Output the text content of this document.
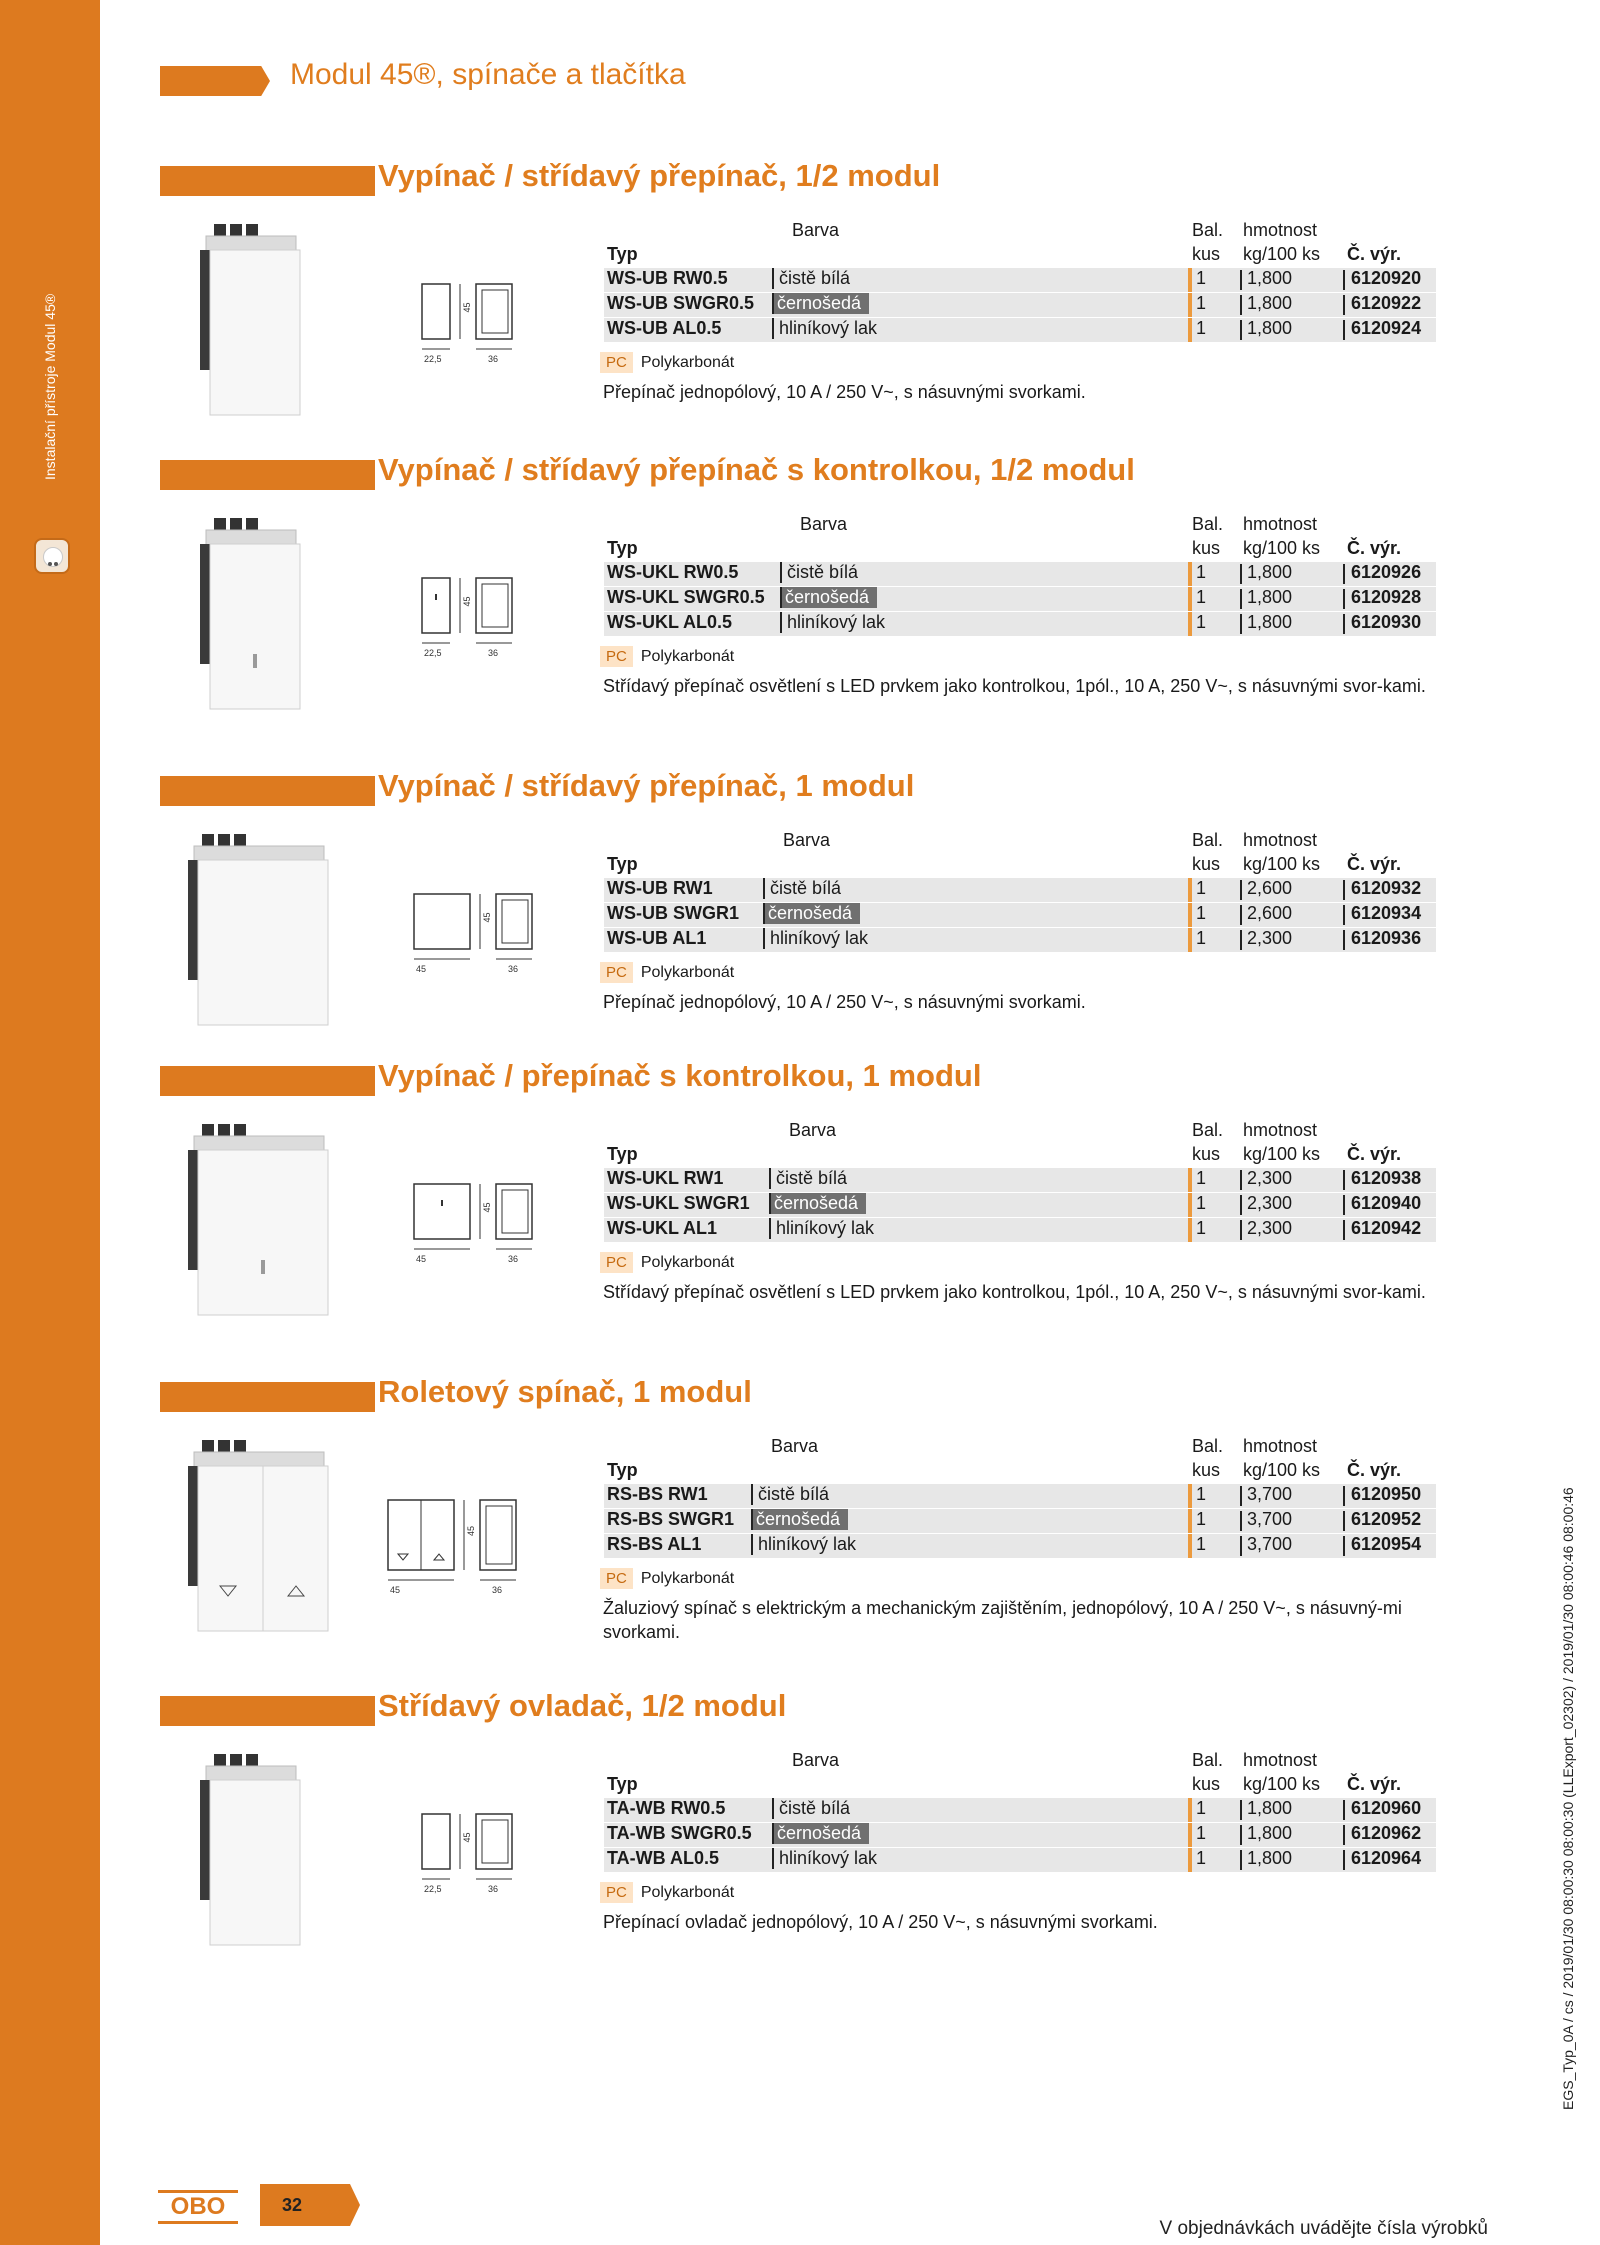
Instalační přístroje Modul 45®
Modul 45®, spínače a tlačítka
Vypínač / střídavý přepínač, 1/2 modul
22,5	36
45
Barva	Bal. hmotnost
Typ	kus kg/100 ks Č. výr.
WS-UB RW0.5	čistě bílá	1 1,800	6120920
WS-UB SWGR0.5 černošedá	1 1,800	6120922
WS-UB AL0.5	hliníkový lak	1 1,800	6120924
PC Polykarbonát
Přepínač jednopólový, 10 A / 250 V~, s násuvnými svorkami.
Vypínač / střídavý přepínač s kontrolkou, 1/2 modul
22,5	36
45
Barva	Bal. hmotnost
Typ	kus kg/100 ks Č. výr.
WS-UKL RW0.5	čistě bílá	1 1,800	6120926
WS-UKL SWGR0.5 černošedá	1 1,800	6120928
WS-UKL AL0.5	hliníkový lak	1 1,800	6120930
PC Polykarbonát
Střídavý přepínač osvětlení s LED prvkem jako kontrolkou, 1pól., 10 A, 250 V~, s násuvnými svor-kami.
Vypínač / střídavý přepínač, 1 modul
45	36
45
Barva	Bal. hmotnost
Typ	kus kg/100 ks Č. výr.
WS-UB RW1	čistě bílá	1 2,600	6120932
WS-UB SWGR1 černošedá	1 2,600	6120934
WS-UB AL1	hliníkový lak	1 2,300	6120936
PC Polykarbonát
Přepínač jednopólový, 10 A / 250 V~, s násuvnými svorkami.
Vypínač / přepínač s kontrolkou, 1 modul
45	36
45
Barva	Bal. hmotnost
Typ	kus kg/100 ks Č. výr.
WS-UKL RW1	čistě bílá	1 2,300	6120938
WS-UKL SWGR1 černošedá	1 2,300	6120940
WS-UKL AL1	hliníkový lak	1 2,300	6120942
PC Polykarbonát
Střídavý přepínač osvětlení s LED prvkem jako kontrolkou, 1pól., 10 A, 250 V~, s násuvnými svor-kami.
Roletový spínač, 1 modul
45	36
45
Barva	Bal. hmotnost
Typ	kus kg/100 ks Č. výr.
RS-BS RW1	čistě bílá	1 3,700	6120950
RS-BS SWGR1 černošedá	1 3,700	6120952
RS-BS AL1	hliníkový lak	1 3,700	6120954
PC Polykarbonát
Žaluziový spínač s elektrickým a mechanickým zajištěním, jednopólový, 10 A / 250 V~, s násuvný-mi svorkami.
Střídavý ovladač, 1/2 modul
22,5	36
45
Barva	Bal. hmotnost
Typ	kus kg/100 ks Č. výr.
TA-WB RW0.5	čistě bílá	1 1,800	6120960
TA-WB SWGR0.5 černošedá	1 1,800	6120962
TA-WB AL0.5	hliníkový lak	1 1,800	6120964
PC Polykarbonát
Přepínací ovladač jednopólový, 10 A / 250 V~, s násuvnými svorkami.	EGS_Typ_0A / cs / 2019/01/30 08:00:30 08:00:30 (LLExport_02302) / 2019/01/30 08:00:46 08:00:46
OBO	32
V objednávkách uvádějte čísla výrobků
